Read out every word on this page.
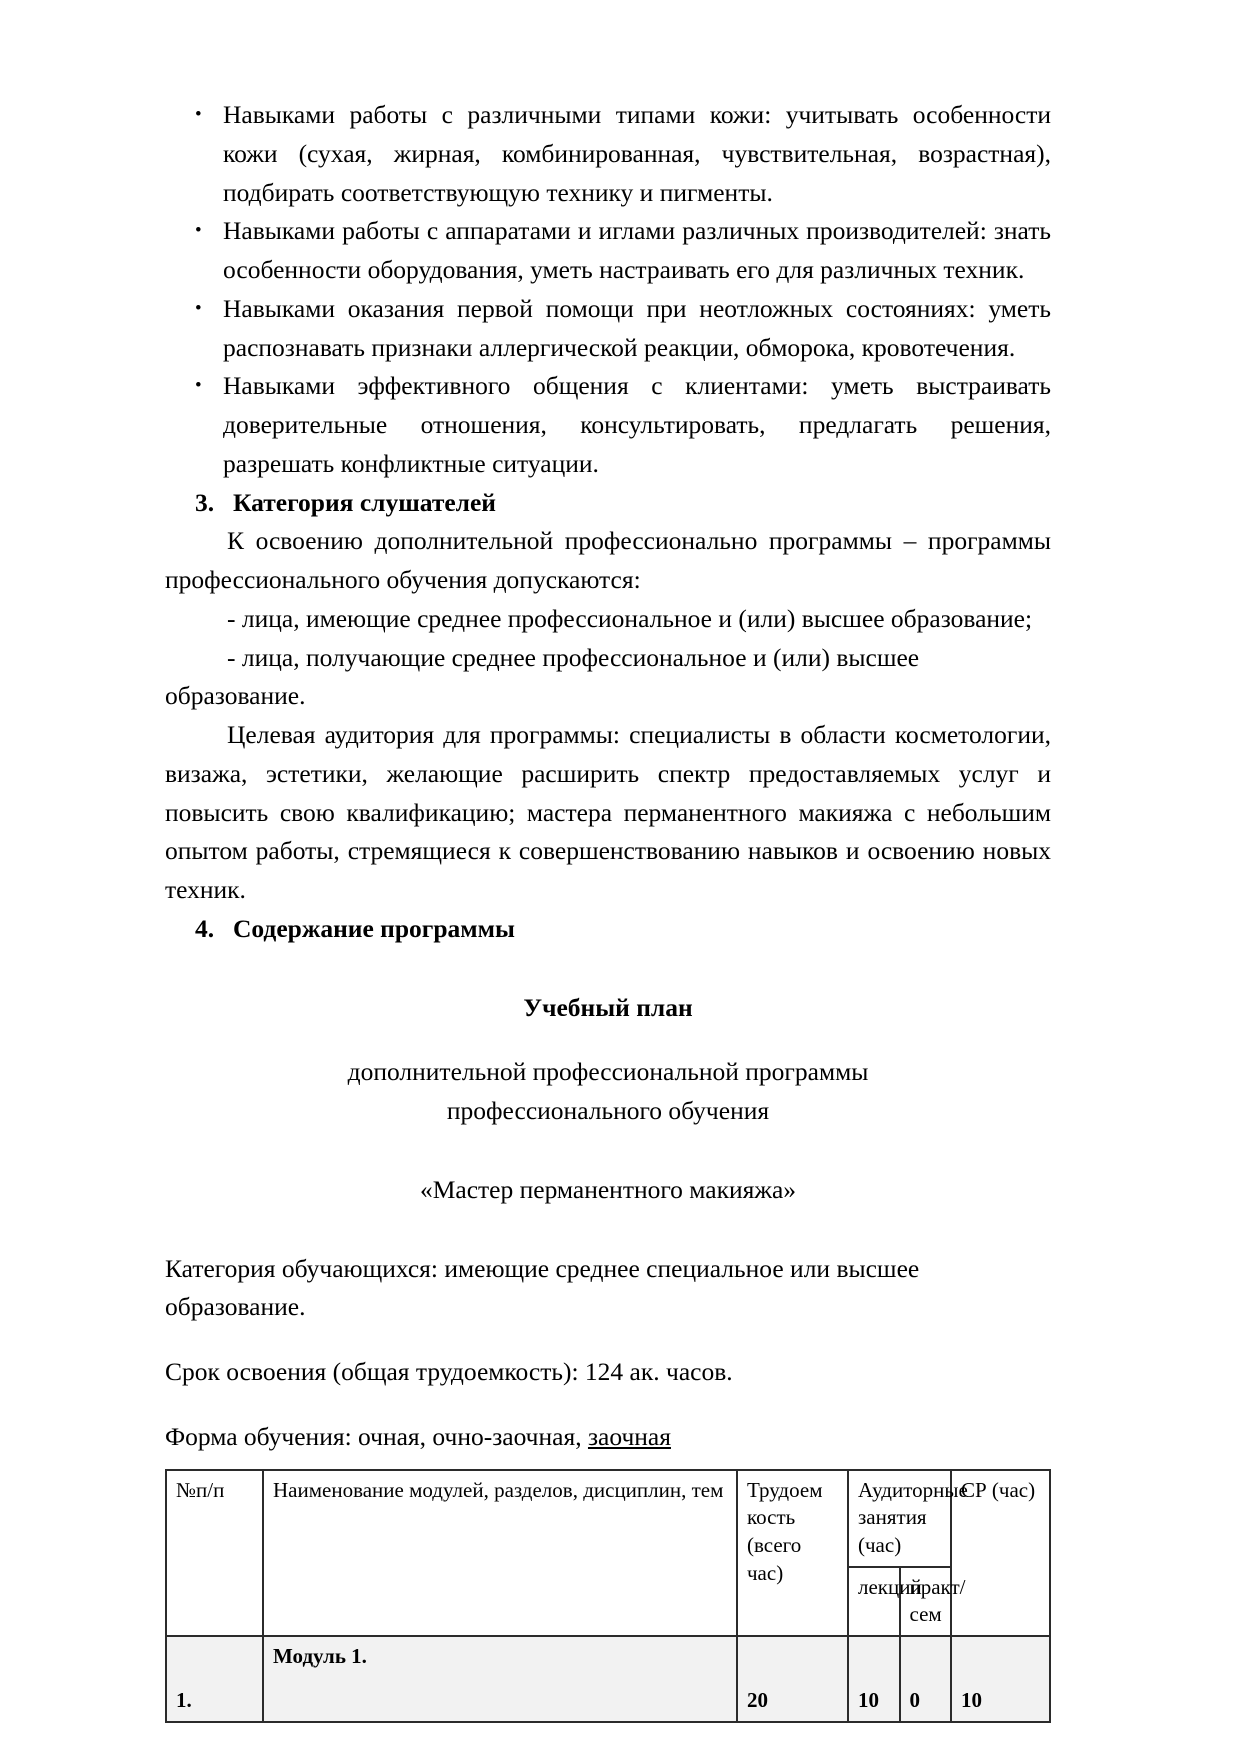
• Навыками работы с различными типами кожи: учитывать особенности кожи (сухая, жирная, комбинированная, чувствительная, возрастная), подбирать соответствующую технику и пигменты.
• Навыками работы с аппаратами и иглами различных производителей: знать особенности оборудования, уметь настраивать его для различных техник.
• Навыками оказания первой помощи при неотложных состояниях: уметь распознавать признаки аллергической реакции, обморока, кровотечения.
• Навыками эффективного общения с клиентами: уметь выстраивать доверительные отношения, консультировать, предлагать решения, разрешать конфликтные ситуации.
3. Категория слушателей

К освоению дополнительной профессионально программы – программы профессионального обучения допускаются:

- лица, имеющие среднее профессиональное и (или) высшее образование;

- лица, получающие среднее профессиональное и (или) высшее образование.

Целевая аудитория для программы: специалисты в области косметологии, визажа, эстетики, желающие расширить спектр предоставляемых услуг и повысить свою квалификацию; мастера перманентного макияжа с небольшим опытом работы, стремящиеся к совершенствованию навыков и освоению новых техник.

4. Содержание программы

Учебный план

дополнительной профессиональной программы

профессионального обучения

«Мастер перманентного макияжа»

Категория обучающихся: имеющие среднее специальное или высшее образование.

Срок освоения (общая трудоемкость): 124 ак. часов.

Форма обучения: очная, очно-заочная, заочная

№п/п	Наименование модулей, разделов, дисциплин, тем	Трудоем кость (всего час)	Аудиторные занятия (час)		СР (час)
			лекций	практ/ сем	
1.	Модуль 1.	20	10	0	10
